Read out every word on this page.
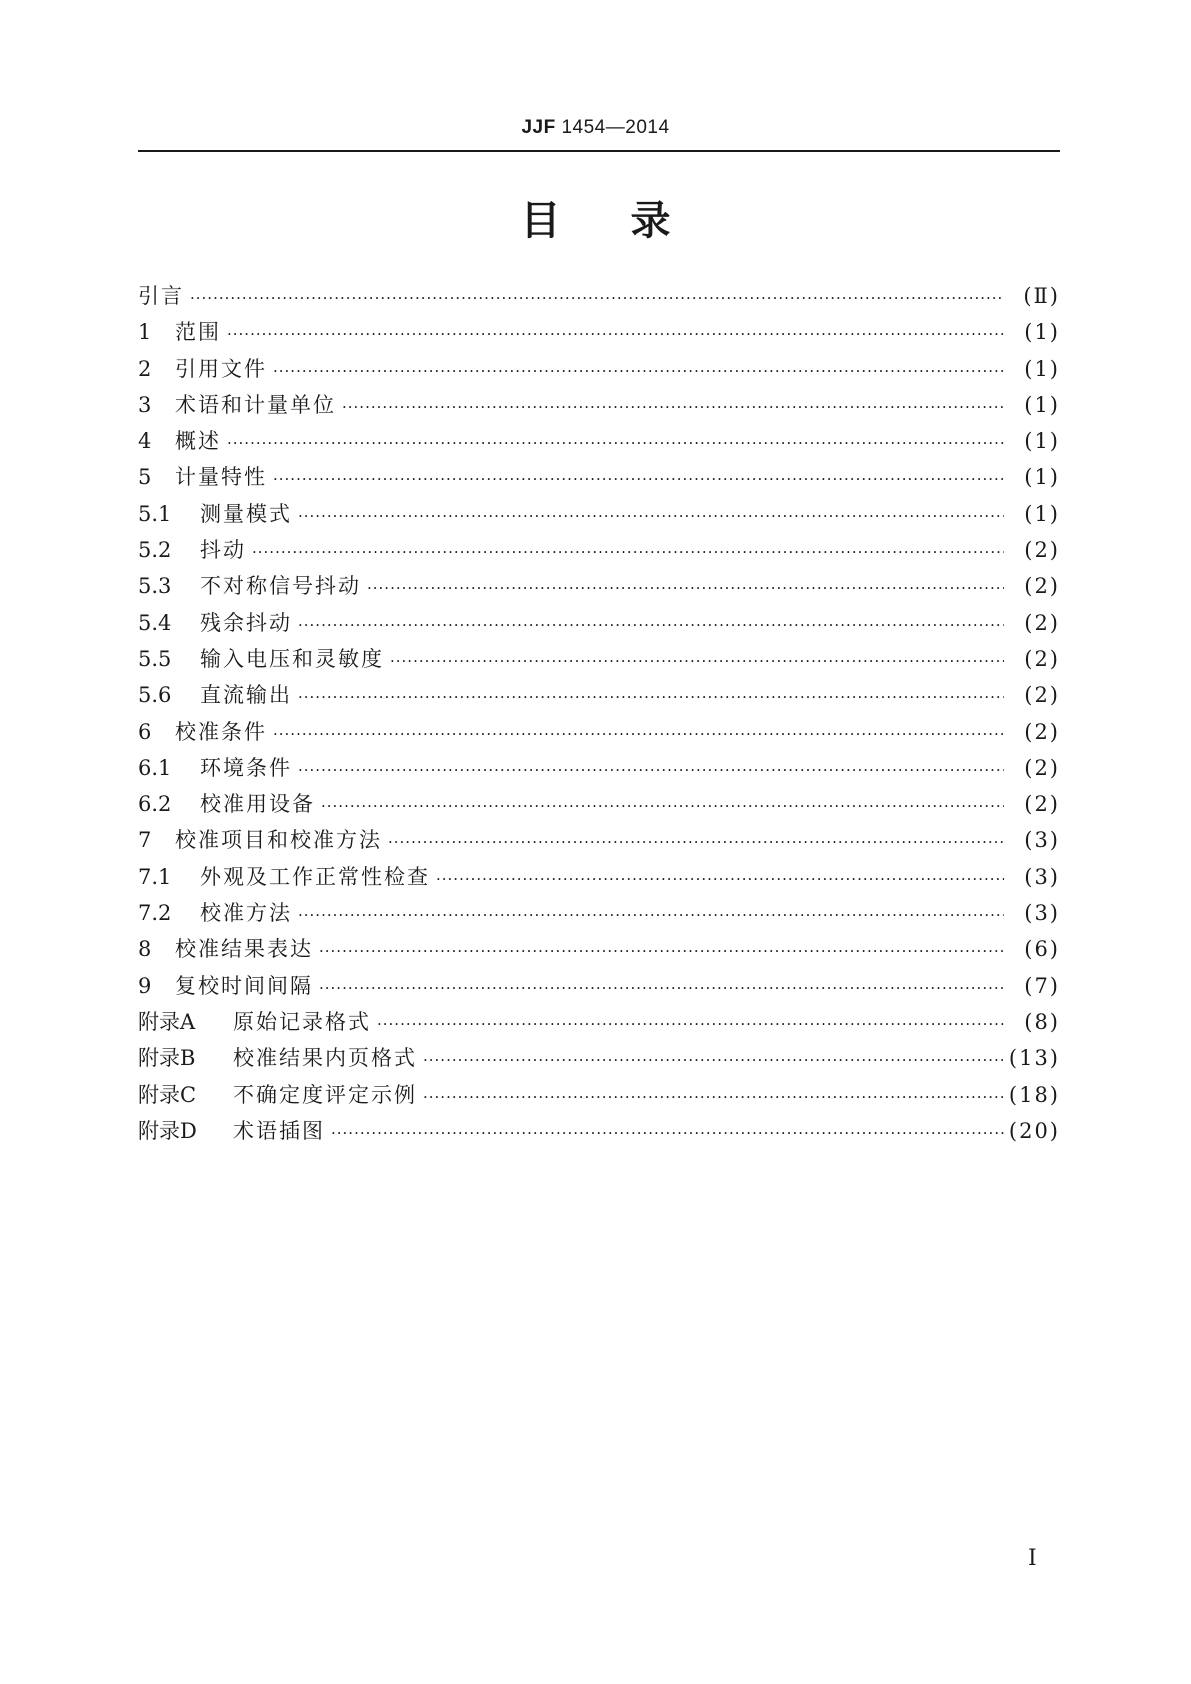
JJF 1454—2014
目录
引言 ·····	(Ⅱ)
1	范围 ·····	(1)
2	引用文件 ·····	(1)
3	术语和计量单位 ·····	(1)
4	概述 ·····	(1)
5	计量特性 ·····	(1)
5.1	测量模式 ·····	(1)
5.2	抖动 ·····	(2)
5.3	不对称信号抖动 ·····	(2)
5.4	残余抖动 ·····	(2)
5.5	输入电压和灵敏度 ·····	(2)
5.6	直流输出 ·····	(2)
6	校准条件 ·····	(2)
6.1	环境条件 ·····	(2)
6.2	校准用设备 ·····	(2)
7	校准项目和校准方法 ·····	(3)
7.1	外观及工作正常性检查 ·····	(3)
7.2	校准方法 ·····	(3)
8	校准结果表达 ·····	(6)
9	复校时间间隔 ·····	(7)
附录A	原始记录格式 ·····	(8)
附录B	校准结果内页格式 ·····	(13)
附录C	不确定度评定示例 ·····	(18)
附录D	术语插图 ·····	(20)
I
